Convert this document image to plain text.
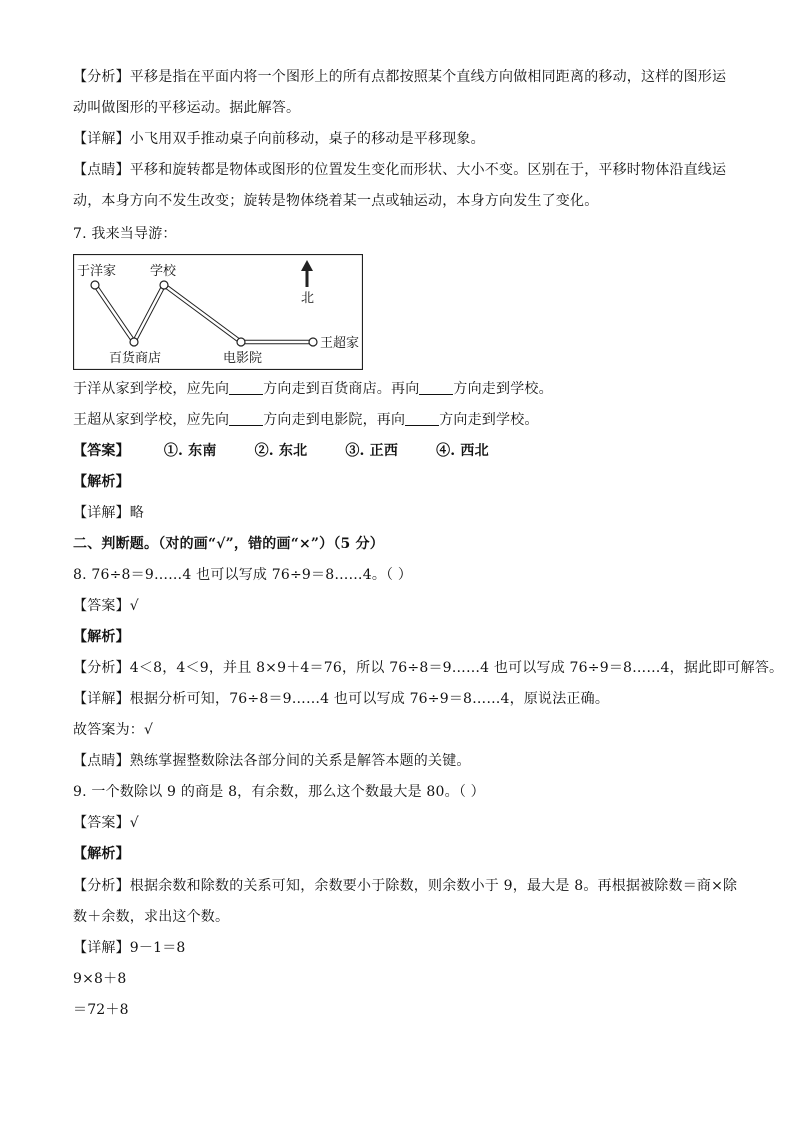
【分析】平移是指在平面内将一个图形上的所有点都按照某个直线方向做相同距离的移动，这样的图形运
动叫做图形的平移运动。据此解答。
【详解】小飞用双手推动桌子向前移动，桌子的移动是平移现象。
【点睛】平移和旋转都是物体或图形的位置发生变化而形状、大小不变。区别在于，平移时物体沿直线运
动，本身方向不发生改变；旋转是物体绕着某一点或轴运动，本身方向发生了变化。
7. 我来当导游：
于洋家	学校
百货商店	电影院
王超家
北
于洋从家到学校，应先向 方向走到百货商店。再向 方向走到学校。
王超从家到学校，应先向 方向走到电影院，再向 方向走到学校。
【答案】 ①. 东南	②. 东北	③. 正西	④. 西北
【解析】
【详解】略
二、判断题。（对的画“√”，错的画“×”）（5 分）
8. 76÷8＝9……4 也可以写成 76÷9＝8……4。（ ）
【答案】√
【解析】
【分析】4＜8，4＜9，并且 8×9＋4＝76，所以 76÷8＝9……4 也可以写成 76÷9＝8……4，据此即可解答。
【详解】根据分析可知，76÷8＝9……4 也可以写成 76÷9＝8……4，原说法正确。
故答案为：√
【点睛】熟练掌握整数除法各部分间的关系是解答本题的关键。
9. 一个数除以 9 的商是 8，有余数，那么这个数最大是 80。（ ）
【答案】√
【解析】
【分析】根据余数和除数的关系可知，余数要小于除数，则余数小于 9，最大是 8。再根据被除数＝商×除
数＋余数，求出这个数。
【详解】9－1＝8
9×8＋8
＝72＋8
